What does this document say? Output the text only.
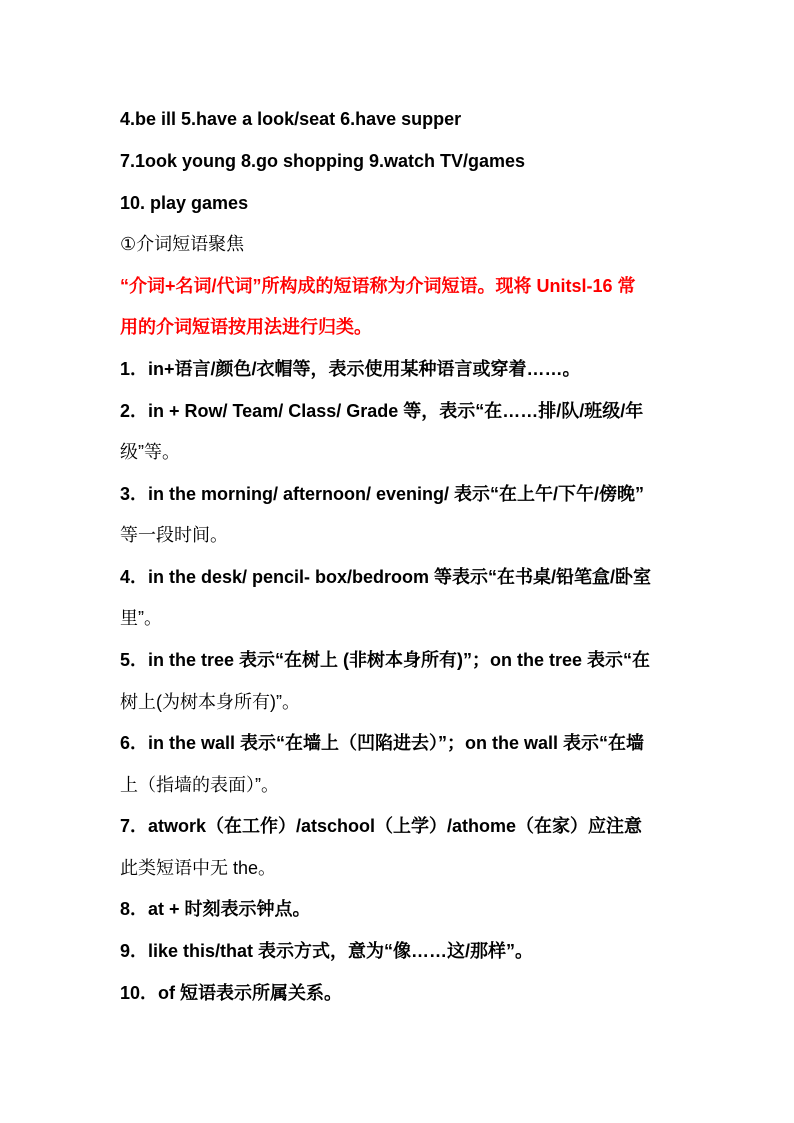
4.be ill 5.have a look/seat 6.have supper
7.1ook young 8.go shopping 9.watch TV/games
10. play games
①介词短语聚焦
“介词+名词/代词”所构成的短语称为介词短语。现将 Unitsl-16 常
用的介词短语按用法进行归类。
1．in+语言/颜色/衣帽等，表示使用某种语言或穿着……。
2．in + Row/ Team/ Class/ Grade 等，表示“在……排/队/班级/年
级”等。
3．in the morning/ afternoon/ evening/ 表示“在上午/下午/傍晚”
等一段时间。
4．in the desk/ pencil- box/bedroom 等表示“在书桌/铅笔盒/卧室
里”。
5．in the tree 表示“在树上 (非树本身所有)”；on the tree 表示“在
树上(为树本身所有)”。
6．in the wall 表示“在墙上（凹陷进去）”；on the wall 表示“在墙
上（指墙的表面）”。
7．atwork（在工作）/atschool（上学）/athome（在家）应注意
此类短语中无 the。
8．at + 时刻表示钟点。
9．like this/that 表示方式，意为“像……这/那样”。
10．of 短语表示所属关系。
